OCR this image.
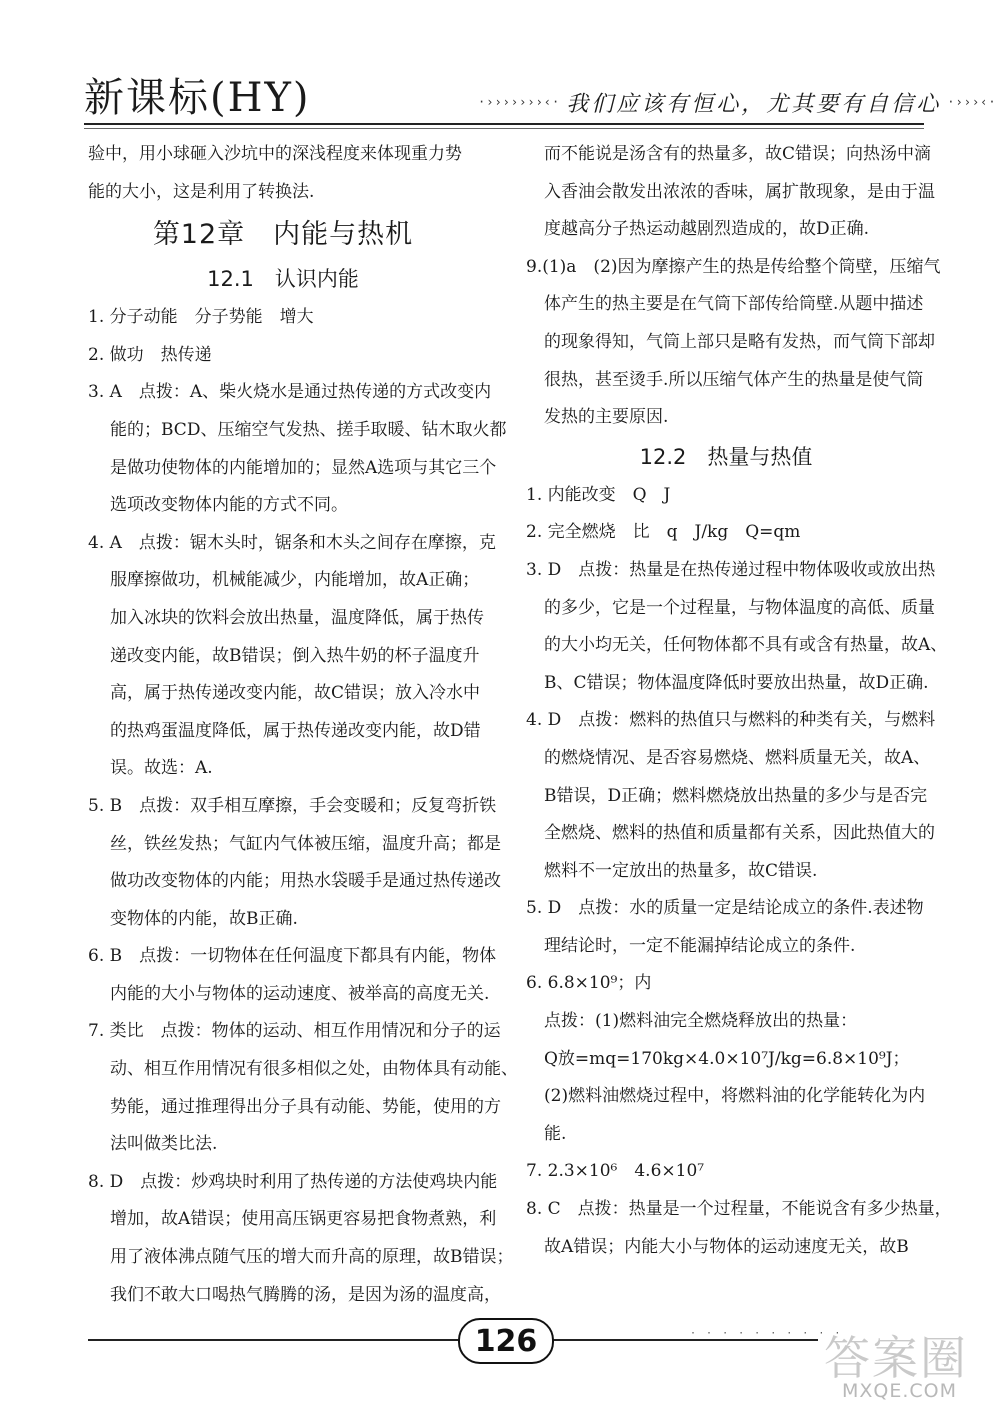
新课标(HY)	·›››››››‹· 我们应该有恒心，尤其要有自信心 ·›››‹·
验中，用小球砸入沙坑中的深浅程度来体现重力势
能的大小，这是利用了转换法.
第12章　内能与热机
12.1　认识内能
1. 分子动能　分子势能　增大
2. 做功　热传递
3. A　点拨：A、柴火烧水是通过热传递的方式改变内
能的；BCD、压缩空气发热、搓手取暖、钻木取火都
是做功使物体的内能增加的；显然A选项与其它三个
选项改变物体内能的方式不同。
4. A　点拨：锯木头时，锯条和木头之间存在摩擦，克
服摩擦做功，机械能减少，内能增加，故A正确；
加入冰块的饮料会放出热量，温度降低，属于热传
递改变内能，故B错误；倒入热牛奶的杯子温度升
高，属于热传递改变内能，故C错误；放入冷水中
的热鸡蛋温度降低，属于热传递改变内能，故D错
误。故选：A.
5. B　点拨：双手相互摩擦，手会变暖和；反复弯折铁
丝，铁丝发热；气缸内气体被压缩，温度升高；都是
做功改变物体的内能；用热水袋暖手是通过热传递改
变物体的内能，故B正确.
6. B　点拨：一切物体在任何温度下都具有内能，物体
内能的大小与物体的运动速度、被举高的高度无关.
7. 类比　点拨：物体的运动、相互作用情况和分子的运
动、相互作用情况有很多相似之处，由物体具有动能、
势能，通过推理得出分子具有动能、势能，使用的方
法叫做类比法.
8. D　点拨：炒鸡块时利用了热传递的方法使鸡块内能
增加，故A错误；使用高压锅更容易把食物煮熟，利
用了液体沸点随气压的增大而升高的原理，故B错误；
我们不敢大口喝热气腾腾的汤，是因为汤的温度高，
而不能说是汤含有的热量多，故C错误；向热汤中滴
入香油会散发出浓浓的香味，属扩散现象，是由于温
度越高分子热运动越剧烈造成的，故D正确.
9.(1)a　(2)因为摩擦产生的热是传给整个筒壁，压缩气
体产生的热主要是在气筒下部传给筒壁.从题中描述
的现象得知，气筒上部只是略有发热，而气筒下部却
很热，甚至烫手.所以压缩气体产生的热量是使气筒
发热的主要原因.
12.2　热量与热值
1. 内能改变　Q　J
2. 完全燃烧　比　q　J/kg　Q=qm
3. D　点拨：热量是在热传递过程中物体吸收或放出热
的多少，它是一个过程量，与物体温度的高低、质量
的大小均无关，任何物体都不具有或含有热量，故A、
B、C错误；物体温度降低时要放出热量，故D正确.
4. D　点拨：燃料的热值只与燃料的种类有关，与燃料
的燃烧情况、是否容易燃烧、燃料质量无关，故A、
B错误，D正确；燃料燃烧放出热量的多少与是否完
全燃烧、燃料的热值和质量都有关系，因此热值大的
燃料不一定放出的热量多，故C错误.
5. D　点拨：水的质量一定是结论成立的条件.表述物
理结论时，一定不能漏掉结论成立的条件.
6. 6.8×10⁹；内
点拨：(1)燃料油完全燃烧释放出的热量：
Q放=mq=170kg×4.0×10⁷J/kg=6.8×10⁹J；
(2)燃料油燃烧过程中，将燃料油的化学能转化为内
能.
7. 2.3×10⁶　4.6×10⁷
8. C　点拨：热量是一个过程量，不能说含有多少热量，
故A错误；内能大小与物体的运动速度无关，故B
· · · · · · · · · ·
126	答案圈
MXQE.COM
